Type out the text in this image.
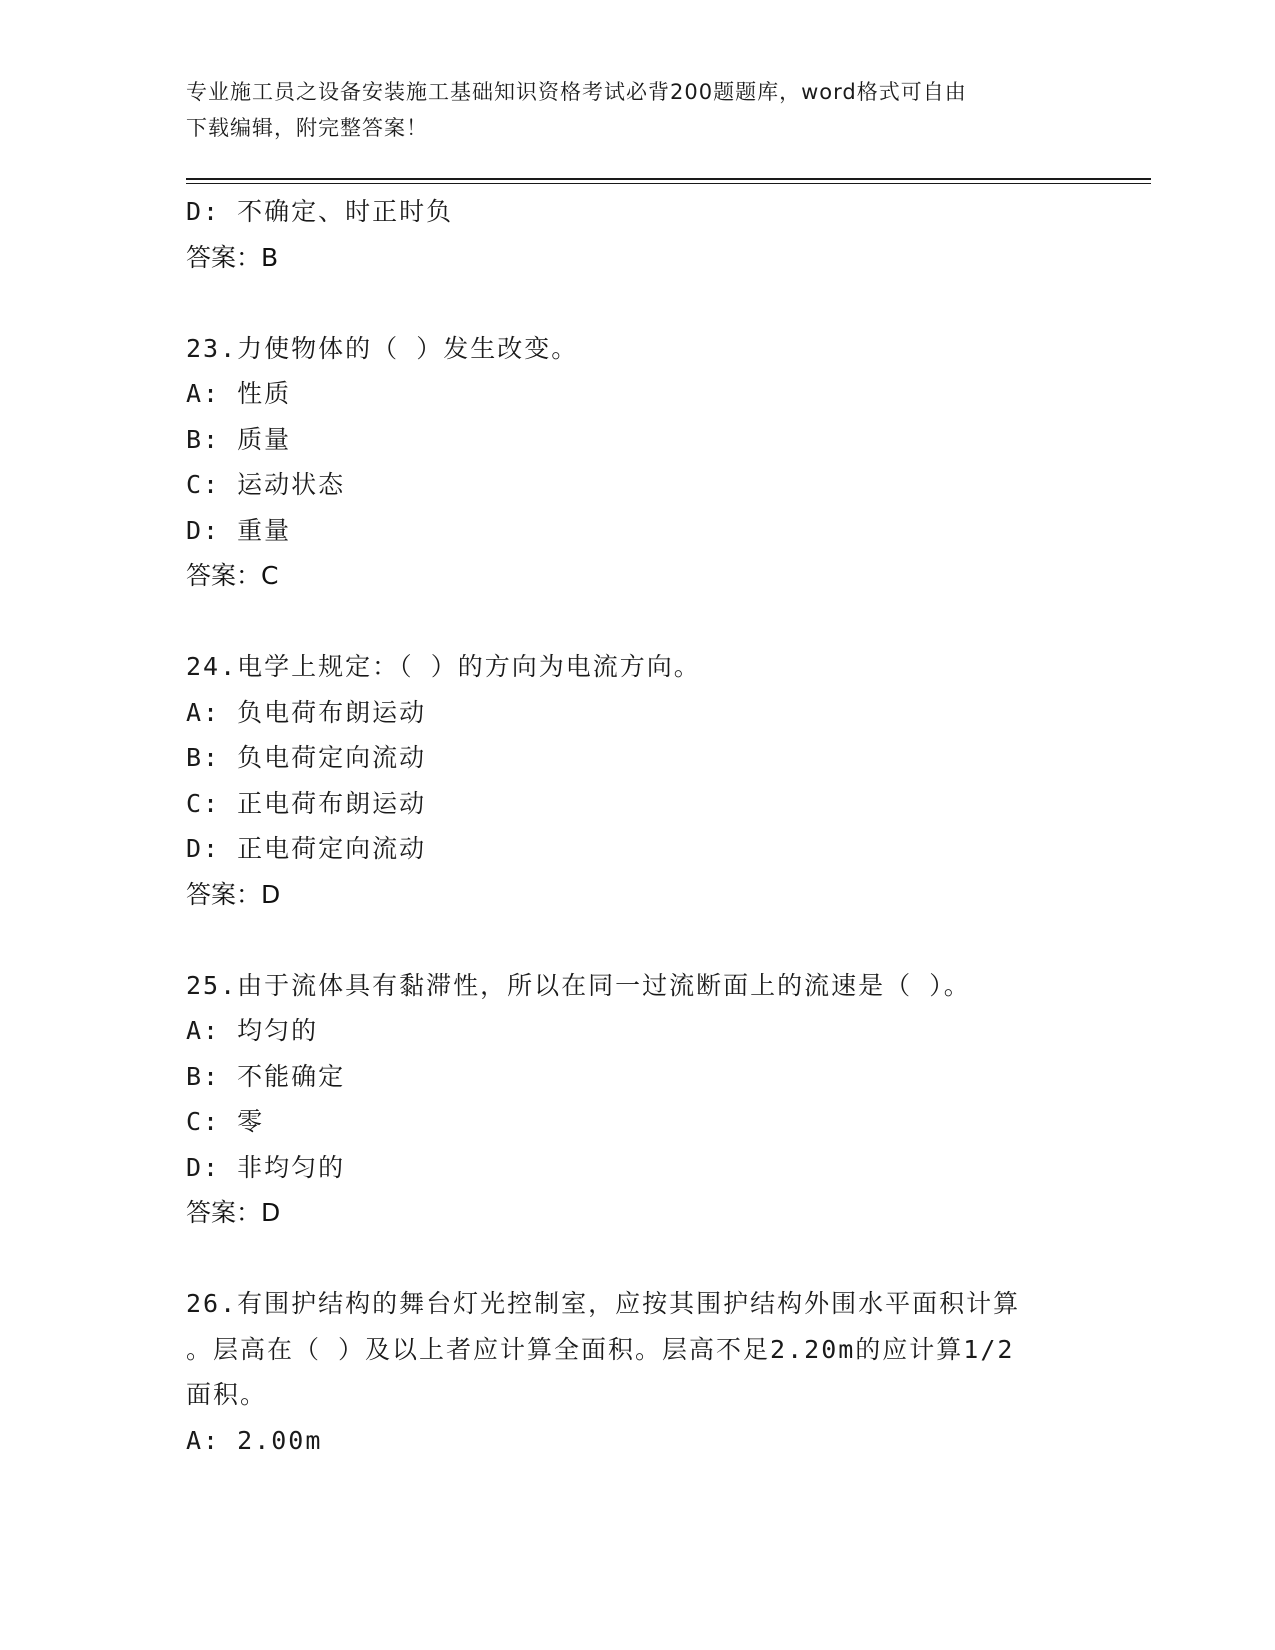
专业施工员之设备安装施工基础知识资格考试必背200题题库，word格式可自由
下载编辑，附完整答案！
D: 不确定、时正时负
答案：B
23.力使物体的（ ）发生改变。
A: 性质
B: 质量
C: 运动状态
D: 重量
答案：C
24.电学上规定：（ ）的方向为电流方向。
A: 负电荷布朗运动
B: 负电荷定向流动
C: 正电荷布朗运动
D: 正电荷定向流动
答案：D
25.由于流体具有黏滞性，所以在同一过流断面上的流速是（ ）。
A: 均匀的
B: 不能确定
C: 零
D: 非均匀的
答案：D
26.有围护结构的舞台灯光控制室，应按其围护结构外围水平面积计算
。层高在（ ）及以上者应计算全面积。层高不足2.20m的应计算1/2
面积。
A: 2.00m
